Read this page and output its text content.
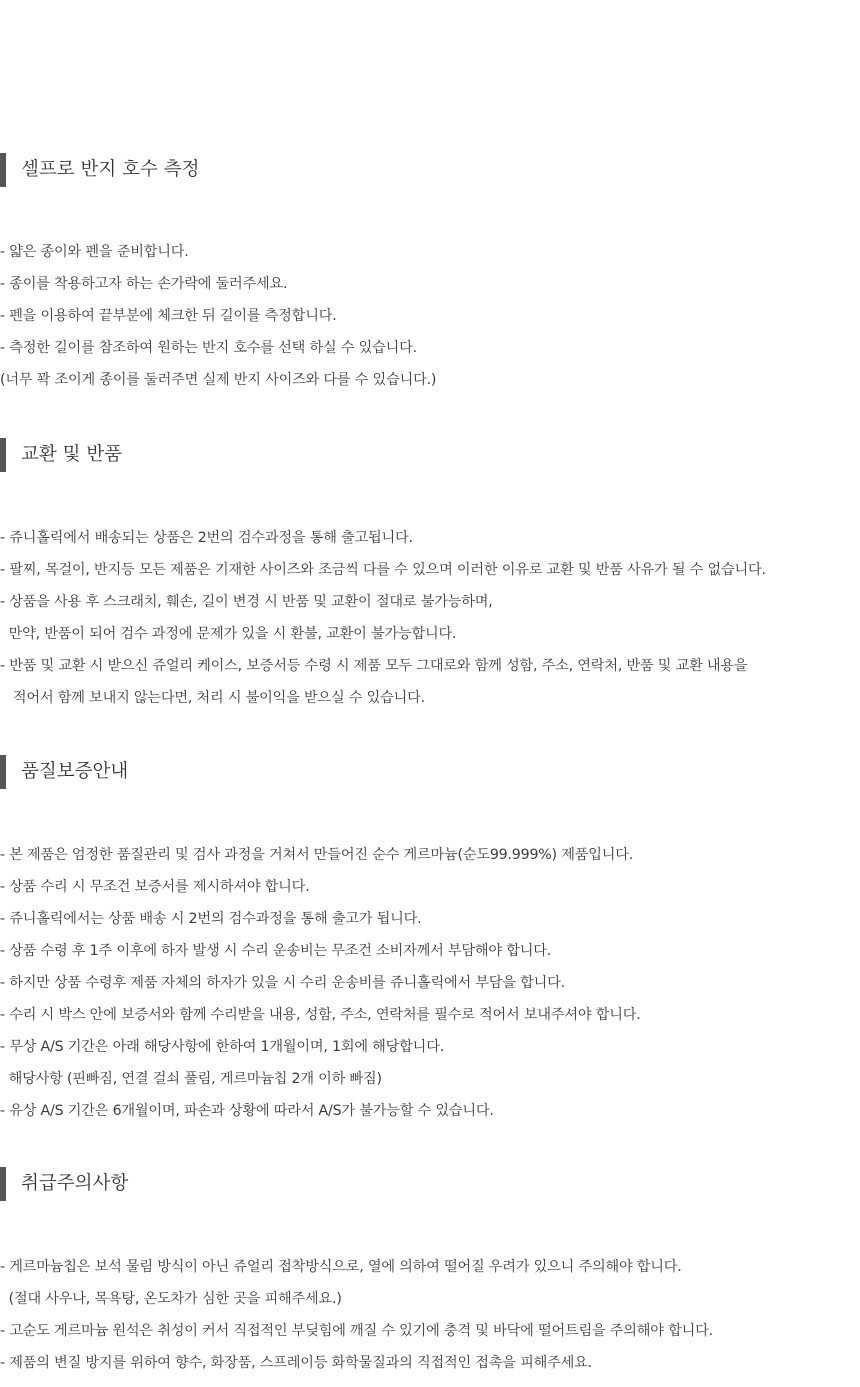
셀프로 반지 호수 측정
- 얇은 종이와 펜을 준비합니다.
- 종이를 착용하고자 하는 손가락에 둘러주세요.
- 펜을 이용하여 끝부분에 체크한 뒤 길이를 측정합니다.
- 측정한 길이를 참조하여 원하는 반지 호수를 선택 하실 수 있습니다.
(너무 꽉 조이게 종이를 둘러주면 실제 반지 사이즈와 다를 수 있습니다.)
교환 및 반품
- 쥬니홀릭에서 배송되는 상품은 2번의 검수과정을 통해 출고됩니다.
- 팔찌, 목걸이, 반지등 모든 제품은 기재한 사이즈와 조금씩 다를 수 있으며 이러한 이유로 교환 및 반품 사유가 될 수 없습니다.
- 상품을 사용 후 스크래치, 훼손, 길이 변경 시 반품 및 교환이 절대로 불가능하며,
만약, 반품이 되어 검수 과정에 문제가 있을 시 환불, 교환이 불가능합니다.
- 반품 및 교환 시 받으신 쥬얼리 케이스, 보증서등 수령 시 제품 모두 그대로와 함께 성함, 주소, 연락처, 반품 및 교환 내용을
적어서 함께 보내지 않는다면, 처리 시 불이익을 받으실 수 있습니다.
품질보증안내
- 본 제품은 엄정한 품질관리 및 검사 과정을 거쳐서 만들어진 순수 게르마늄(순도99.999%) 제품입니다.
- 상품 수리 시 무조건 보증서를 제시하셔야 합니다.
- 쥬니홀릭에서는 상품 배송 시 2번의 검수과정을 통해 출고가 됩니다.
- 상품 수령 후 1주 이후에 하자 발생 시 수리 운송비는 무조건 소비자께서 부담해야 합니다.
- 하지만 상품 수령후 제품 자체의 하자가 있을 시 수리 운송비를 쥬니홀릭에서 부담을 합니다.
- 수리 시 박스 안에 보증서와 함께 수리받을 내용, 성함, 주소, 연락처를 필수로 적어서 보내주셔야 합니다.
- 무상 A/S 기간은 아래 해당사항에 한하여 1개월이며, 1회에 해당합니다.
해당사항 (핀빠짐, 연결 걸쇠 풀림, 게르마늄칩 2개 이하 빠짐)
- 유상 A/S 기간은 6개월이며, 파손과 상황에 따라서 A/S가 불가능할 수 있습니다.
취급주의사항
- 게르마늄칩은 보석 물림 방식이 아닌 쥬얼리 접착방식으로, 열에 의하여 떨어질 우려가 있으니 주의해야 합니다.
(절대 사우나, 목욕탕, 온도차가 심한 곳을 피해주세요.)
- 고순도 게르마늄 원석은 취성이 커서 직접적인 부딪힘에 깨질 수 있기에 충격 및 바닥에 떨어트림을 주의해야 합니다.
- 제품의 변질 방지를 위하여 향수, 화장품, 스프레이등 화학물질과의 직접적인 접촉을 피해주세요.
